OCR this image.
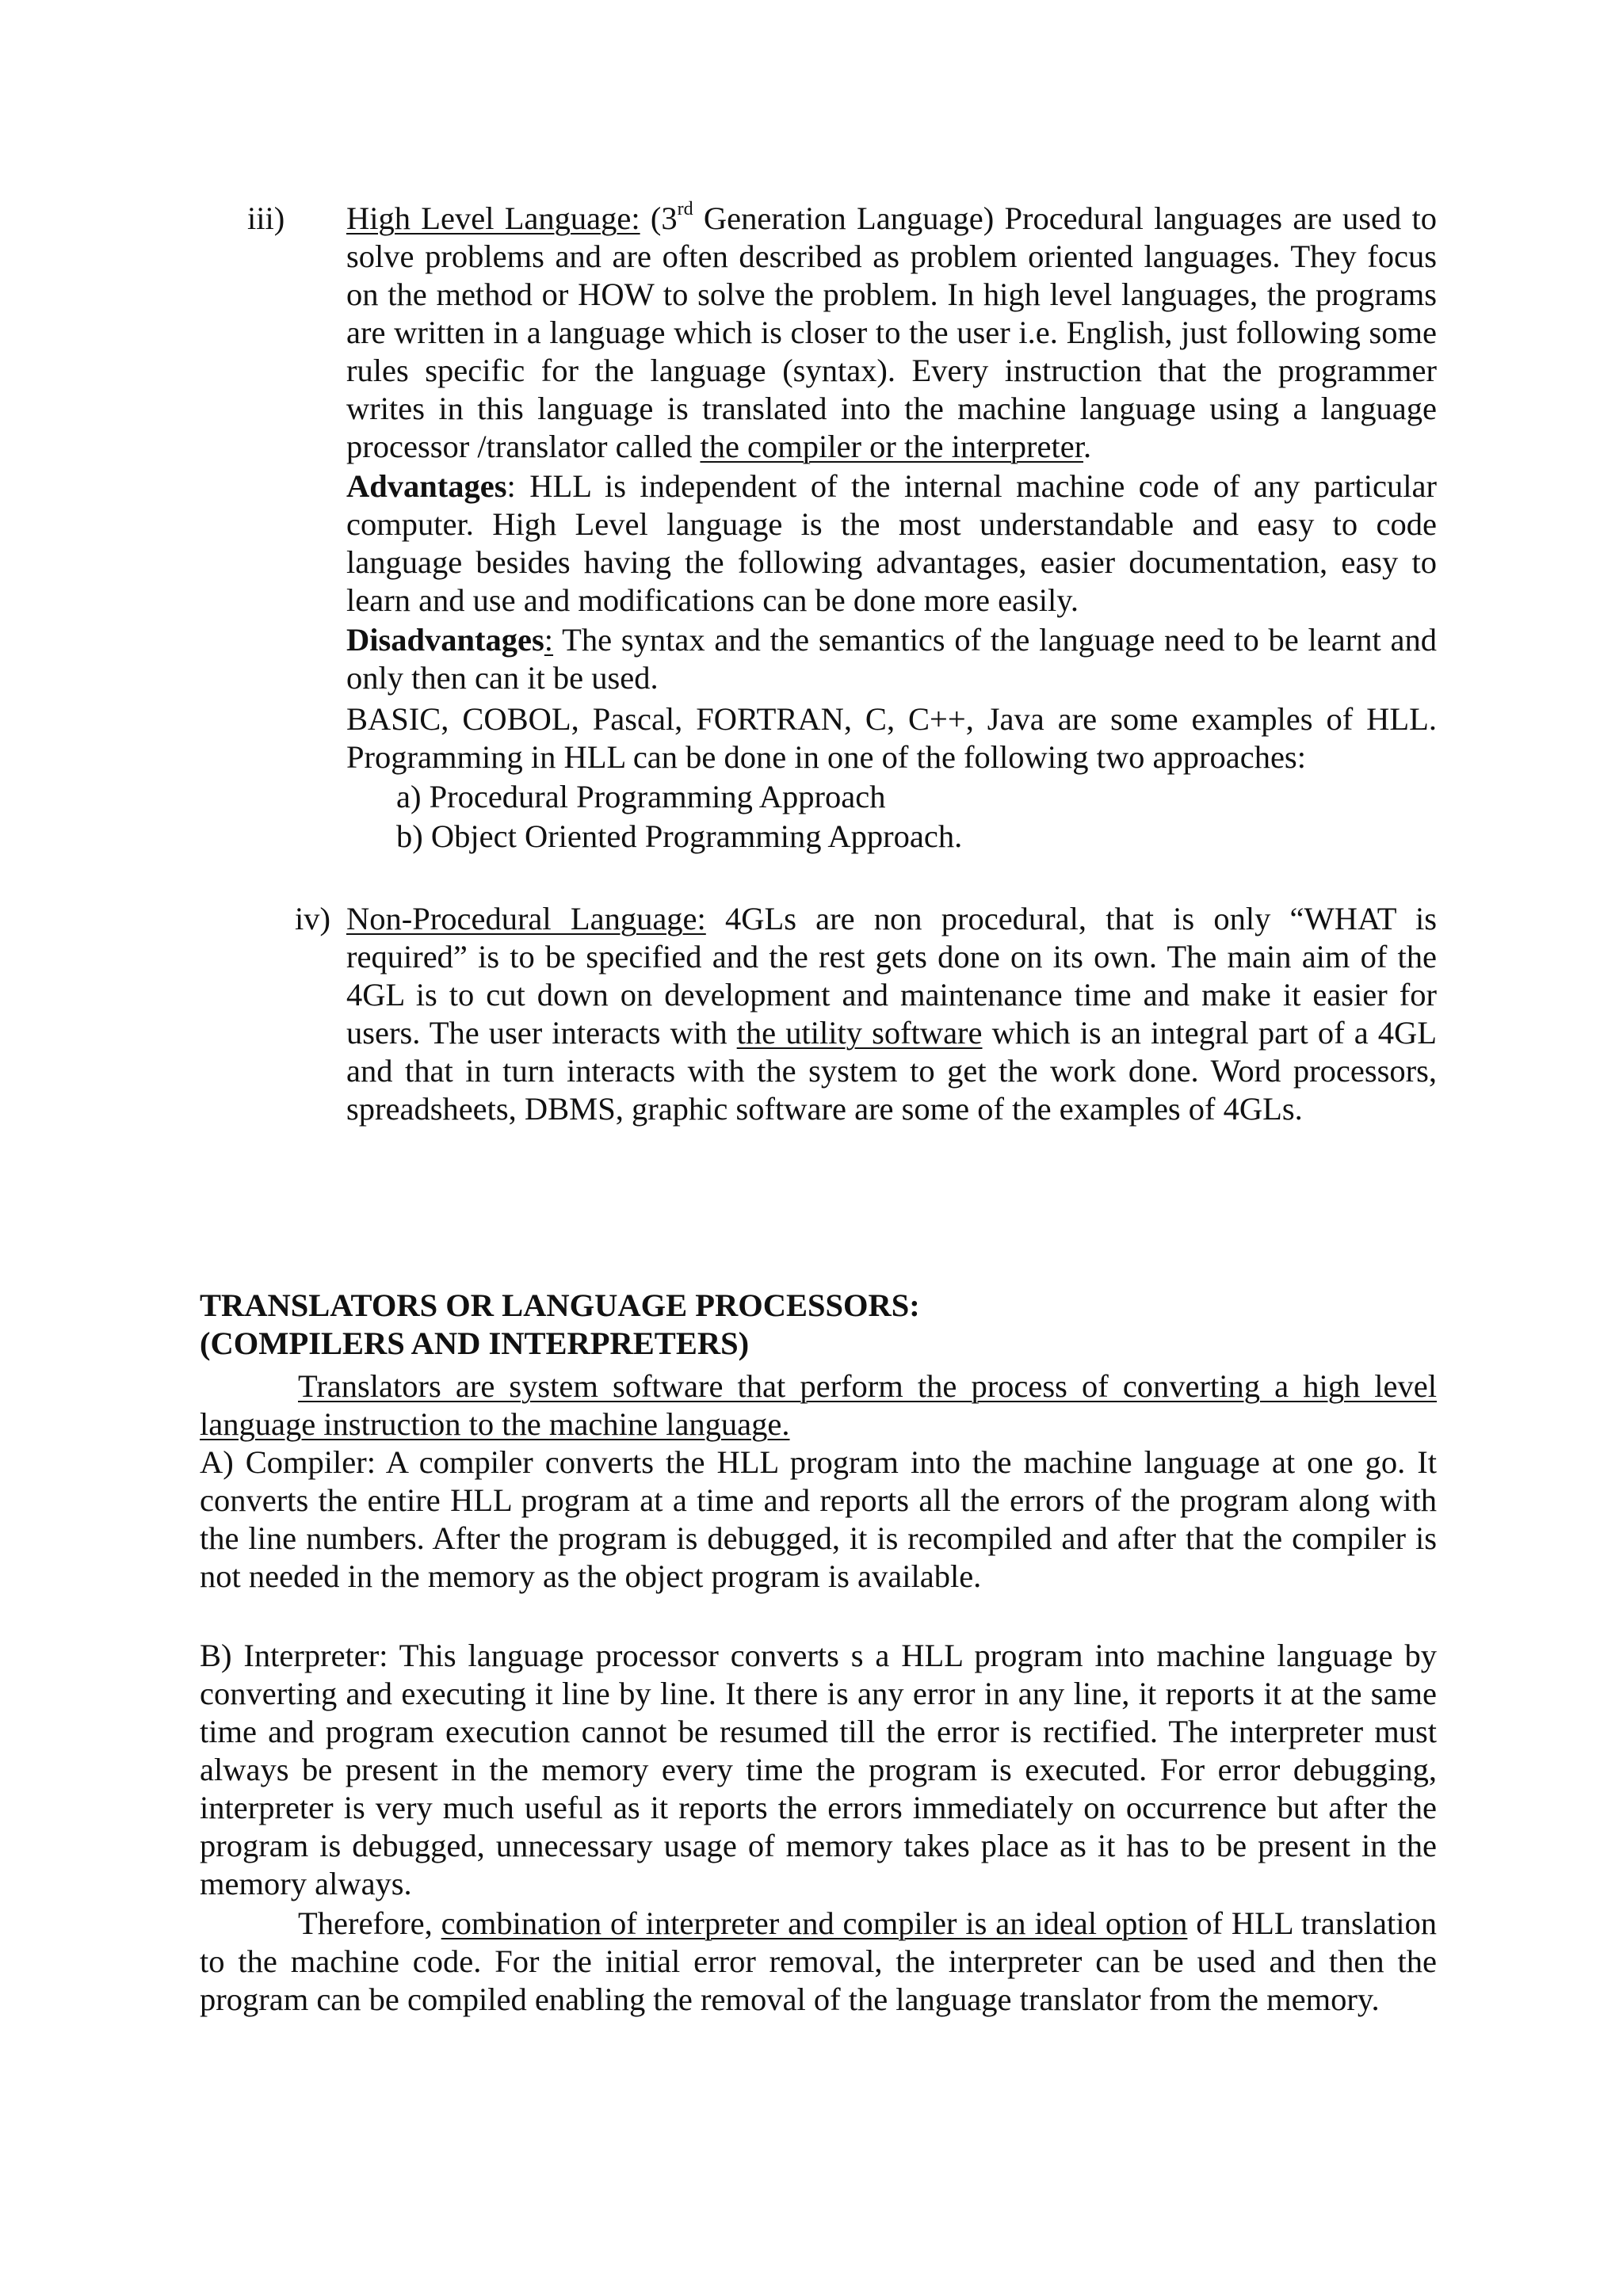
iii) High Level Language: (3rd Generation Language) Procedural languages are used to solve problems and are often described as problem oriented languages. They focus on the method or HOW to solve the problem. In high level languages, the programs are written in a language which is closer to the user i.e. English, just following some rules specific for the language (syntax). Every instruction that the programmer writes in this language is translated into the machine language using a language processor /translator called the compiler or the interpreter.
Advantages: HLL is independent of the internal machine code of any particular computer. High Level language is the most understandable and easy to code language besides having the following advantages, easier documentation, easy to learn and use and modifications can be done more easily.
Disadvantages: The syntax and the semantics of the language need to be learnt and only then can it be used.
BASIC, COBOL, Pascal, FORTRAN, C, C++, Java are some examples of HLL. Programming in HLL can be done in one of the following two approaches:
a) Procedural Programming Approach
b) Object Oriented Programming Approach.
iv) Non-Procedural Language: 4GLs are non procedural, that is only “WHAT is required” is to be specified and the rest gets done on its own. The main aim of the 4GL is to cut down on development and maintenance time and make it easier for users. The user interacts with the utility software which is an integral part of a 4GL and that in turn interacts with the system to get the work done. Word processors, spreadsheets, DBMS, graphic software are some of the examples of 4GLs.
TRANSLATORS OR LANGUAGE PROCESSORS:
(COMPILERS AND INTERPRETERS)
Translators are system software that perform the process of converting a high level language instruction to the machine language.
A) Compiler: A compiler converts the HLL program into the machine language at one go. It converts the entire HLL program at a time and reports all the errors of the program along with the line numbers. After the program is debugged, it is recompiled and after that the compiler is not needed in the memory as the object program is available.
B) Interpreter: This language processor converts s a HLL program into machine language by converting and executing it line by line. It there is any error in any line, it reports it at the same time and program execution cannot be resumed till the error is rectified. The interpreter must always be present in the memory every time the program is executed. For error debugging, interpreter is very much useful as it reports the errors immediately on occurrence but after the program is debugged, unnecessary usage of memory takes place as it has to be present in the memory always.
Therefore, combination of interpreter and compiler is an ideal option of HLL translation to the machine code. For the initial error removal, the interpreter can be used and then the program can be compiled enabling the removal of the language translator from the memory.
